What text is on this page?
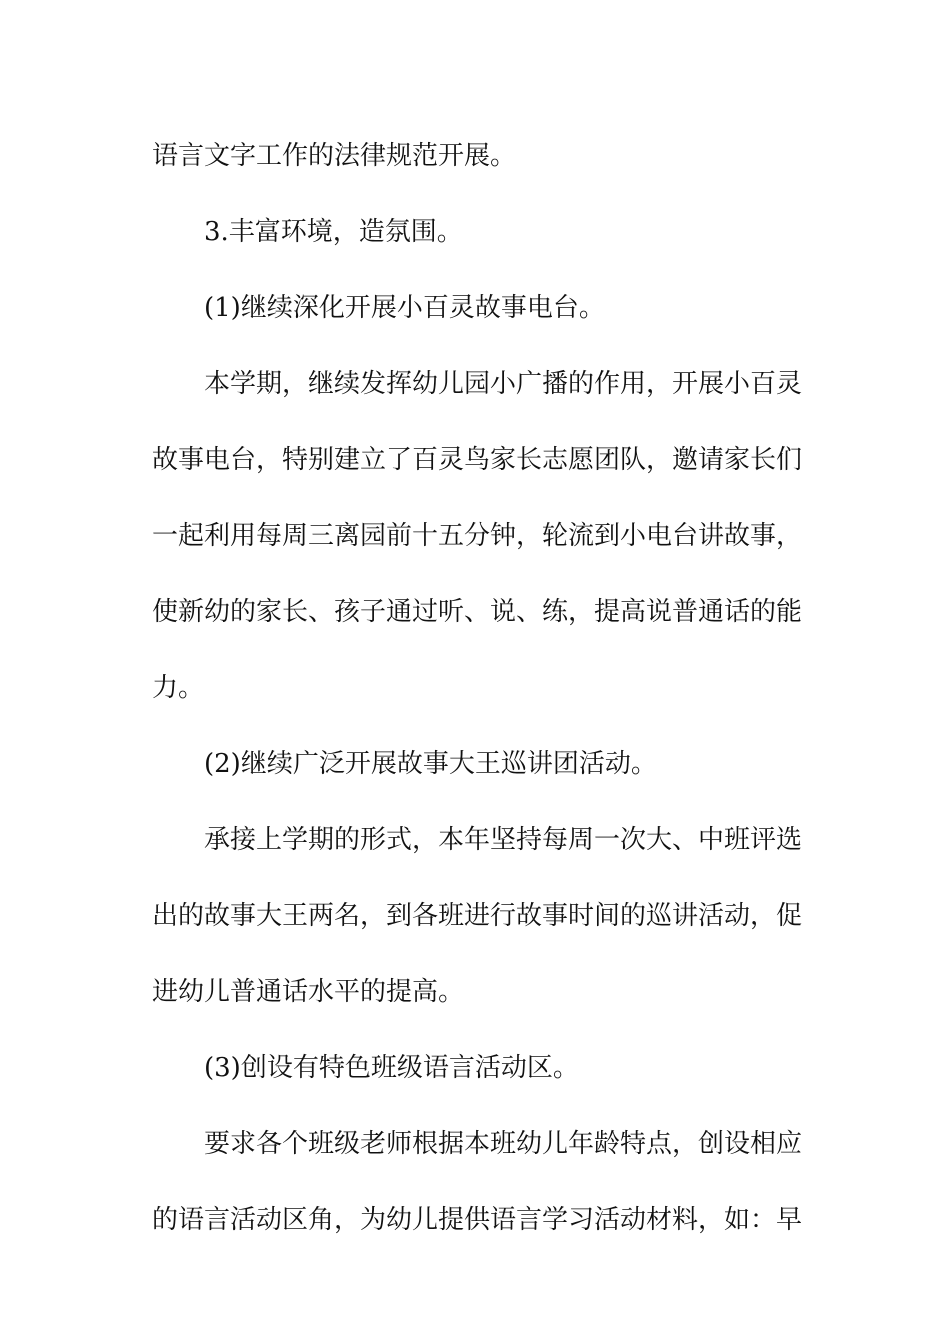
语言文字工作的法律规范开展。
3.丰富环境，造氛围。
(1)继续深化开展小百灵故事电台。
本学期，继续发挥幼儿园小广播的作用，开展小百灵
故事电台，特别建立了百灵鸟家长志愿团队，邀请家长们
一起利用每周三离园前十五分钟，轮流到小电台讲故事，
使新幼的家长、孩子通过听、说、练，提高说普通话的能
力。
(2)继续广泛开展故事大王巡讲团活动。
承接上学期的形式，本年坚持每周一次大、中班评选
出的故事大王两名，到各班进行故事时间的巡讲活动，促
进幼儿普通话水平的提高。
(3)创设有特色班级语言活动区。
要求各个班级老师根据本班幼儿年龄特点，创设相应
的语言活动区角，为幼儿提供语言学习活动材料，如：早
